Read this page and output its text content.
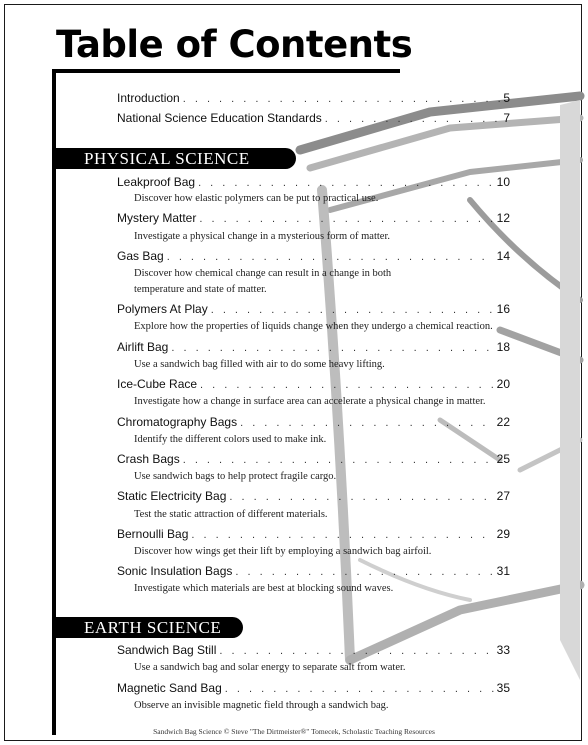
Table of Contents
Introduction . . .	5
National Science Education Standards . . .	7
PHYSICAL SCIENCE
Leakproof Bag . . .	10
Discover how elastic polymers can be put to practical use.
Mystery Matter . . .	12
Investigate a physical change in a mysterious form of matter.
Gas Bag . . .	14
Discover how chemical change can result in a change in both
temperature and state of matter.
Polymers At Play . . .	16
Explore how the properties of liquids change when they undergo a chemical reaction.
Airlift Bag . . .	18
Use a sandwich bag filled with air to do some heavy lifting.
Ice-Cube Race . . .	20
Investigate how a change in surface area can accelerate a physical change in matter.
Chromatography Bags . . .	22
Identify the different colors used to make ink.
Crash Bags . . .	25
Use sandwich bags to help protect fragile cargo.
Static Electricity Bag . . .	27
Test the static attraction of different materials.
Bernoulli Bag . . .	29
Discover how wings get their lift by employing a sandwich bag airfoil.
Sonic Insulation Bags . . .	31
Investigate which materials are best at blocking sound waves.
EARTH SCIENCE
Sandwich Bag Still . . .	33
Use a sandwich bag and solar energy to separate salt from water.
Magnetic Sand Bag . . .	35
Observe an invisible magnetic field through a sandwich bag.
Sandwich Bag Science © Steve "The Dirtmeister®" Tomecek, Scholastic Teaching Resources
